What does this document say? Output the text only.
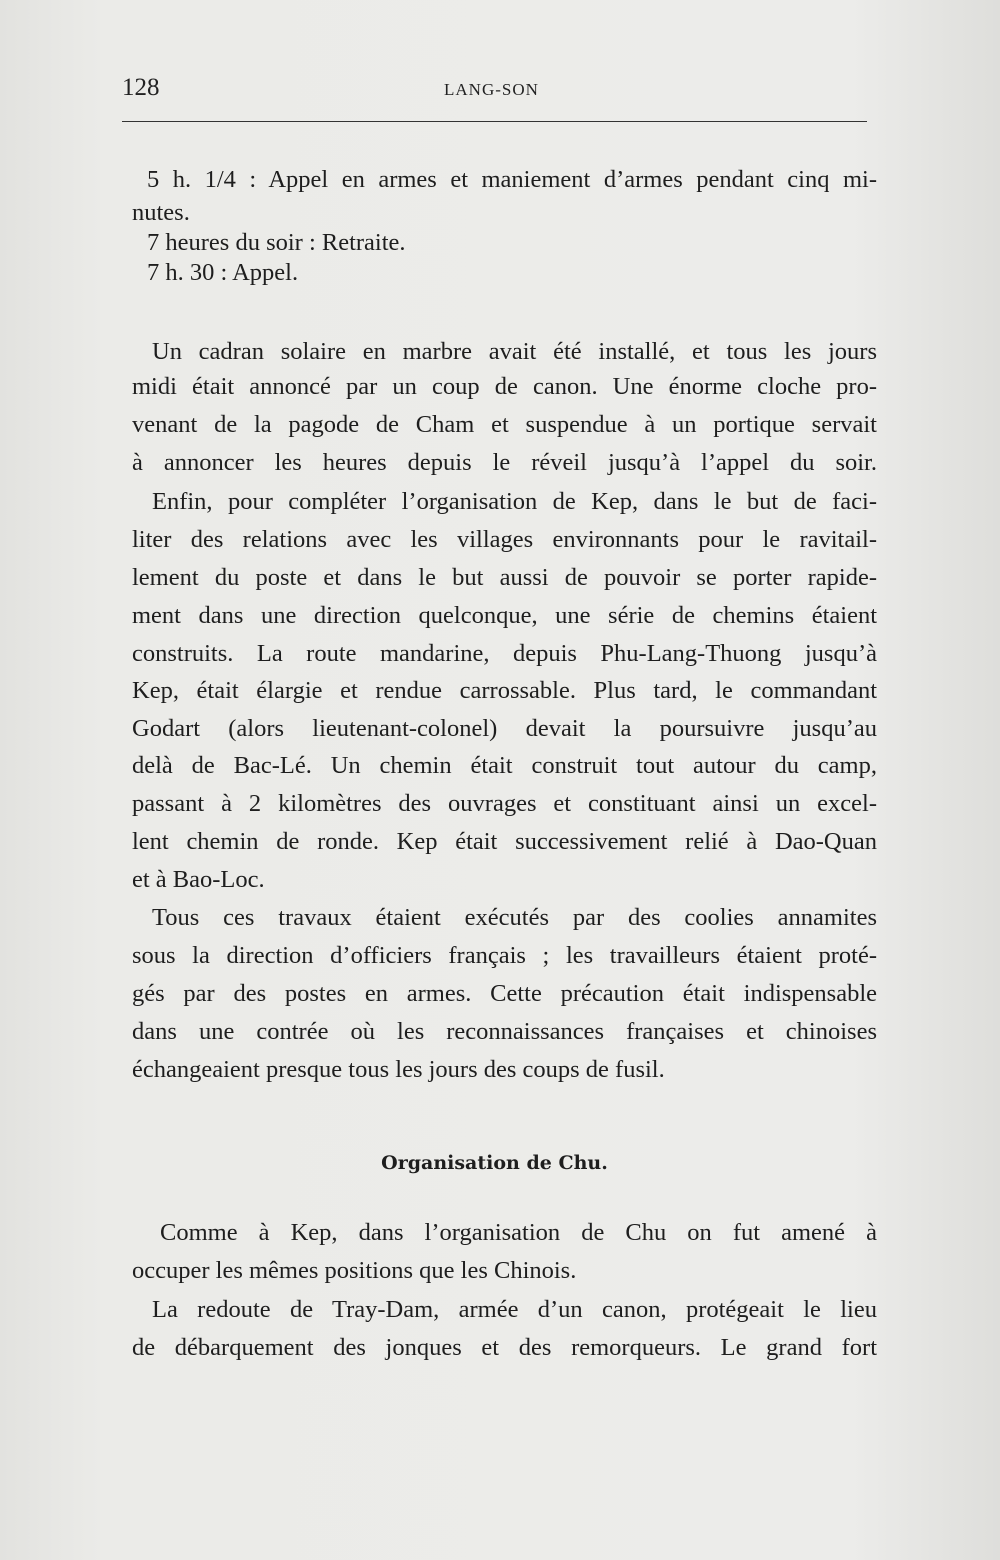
128	LANG-SON
5 h. 1/4 : Appel en armes et maniement d’armes pendant cinq mi-
nutes.
7 heures du soir : Retraite.
7 h. 30 : Appel.
Un cadran solaire en marbre avait été installé, et tous les jours
midi était annoncé par un coup de canon. Une énorme cloche pro-
venant de la pagode de Cham et suspendue à un portique servait
à annoncer les heures depuis le réveil jusqu’à l’appel du soir.
Enfin, pour compléter l’organisation de Kep, dans le but de faci-
liter des relations avec les villages environnants pour le ravitail-
lement du poste et dans le but aussi de pouvoir se porter rapide-
ment dans une direction quelconque, une série de chemins étaient
construits. La route mandarine, depuis Phu-Lang-Thuong jusqu’à
Kep, était élargie et rendue carrossable. Plus tard, le commandant
Godart (alors lieutenant-colonel) devait la poursuivre jusqu’au
delà de Bac-Lé. Un chemin était construit tout autour du camp,
passant à 2 kilomètres des ouvrages et constituant ainsi un excel-
lent chemin de ronde. Kep était successivement relié à Dao-Quan
et à Bao-Loc.
Tous ces travaux étaient exécutés par des coolies annamites
sous la direction d’officiers français ; les travailleurs étaient proté-
gés par des postes en armes. Cette précaution était indispensable
dans une contrée où les reconnaissances françaises et chinoises
échangeaient presque tous les jours des coups de fusil.
Organisation de Chu.
Comme à Kep, dans l’organisation de Chu on fut amené à
occuper les mêmes positions que les Chinois.
La redoute de Tray-Dam, armée d’un canon, protégeait le lieu
de débarquement des jonques et des remorqueurs. Le grand fort
